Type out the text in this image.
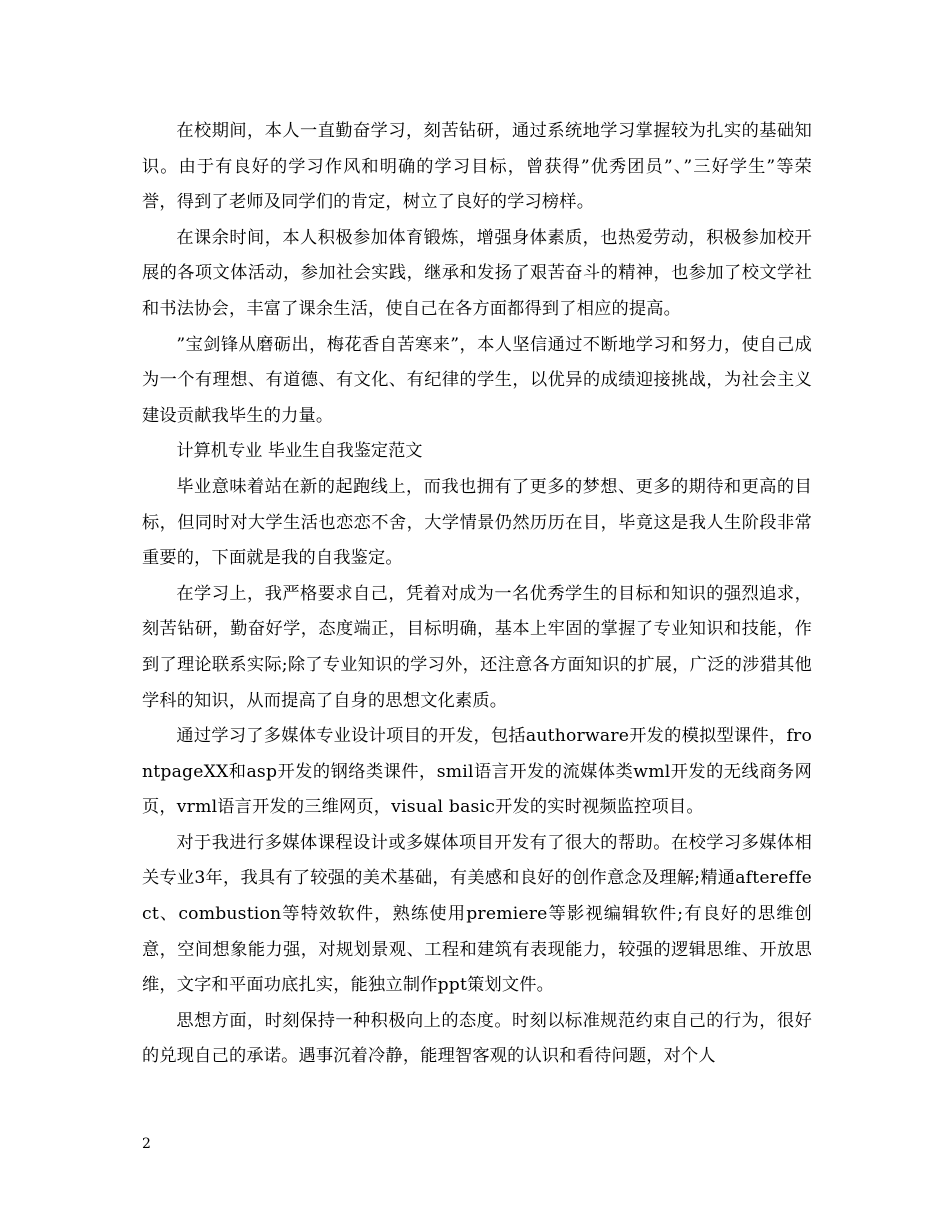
在校期间，本人一直勤奋学习，刻苦钻研，通过系统地学习掌握较为扎实的基础知识。由于有良好的学习作风和明确的学习目标，曾获得”优秀团员”、”三好学生”等荣誉，得到了老师及同学们的肯定，树立了良好的学习榜样。

在课余时间，本人积极参加体育锻炼，增强身体素质，也热爱劳动，积极参加校开展的各项文体活动，参加社会实践，继承和发扬了艰苦奋斗的精神，也参加了校文学社和书法协会，丰富了课余生活，使自己在各方面都得到了相应的提高。

”宝剑锋从磨砺出，梅花香自苦寒来”，本人坚信通过不断地学习和努力，使自己成为一个有理想、有道德、有文化、有纪律的学生，以优异的成绩迎接挑战，为社会主义建设贡献我毕生的力量。

计算机专业 毕业生自我鉴定范文

毕业意味着站在新的起跑线上，而我也拥有了更多的梦想、更多的期待和更高的目标，但同时对大学生活也恋恋不舍，大学情景仍然历历在目，毕竟这是我人生阶段非常重要的，下面就是我的自我鉴定。

在学习上，我严格要求自己，凭着对成为一名优秀学生的目标和知识的强烈追求，刻苦钻研，勤奋好学，态度端正，目标明确，基本上牢固的掌握了专业知识和技能，作到了理论联系实际;除了专业知识的学习外，还注意各方面知识的扩展，广泛的涉猎其他学科的知识，从而提高了自身的思想文化素质。

通过学习了多媒体专业设计项目的开发，包括authorware开发的模拟型课件，frontpageXX和asp开发的钢络类课件，smil语言开发的流媒体类wml开发的无线商务网页，vrml语言开发的三维网页，visual basic开发的实时视频监控项目。

对于我进行多媒体课程设计或多媒体项目开发有了很大的帮助。在校学习多媒体相关专业3年，我具有了较强的美术基础，有美感和良好的创作意念及理解;精通aftereffect、combustion等特效软件，熟练使用premiere等影视编辑软件;有良好的思维创意，空间想象能力强，对规划景观、工程和建筑有表现能力，较强的逻辑思维、开放思维，文字和平面功底扎实，能独立制作ppt策划文件。

思想方面，时刻保持一种积极向上的态度。时刻以标准规范约束自己的行为，很好的兑现自己的承诺。遇事沉着冷静，能理智客观的认识和看待问题，对个人

2
